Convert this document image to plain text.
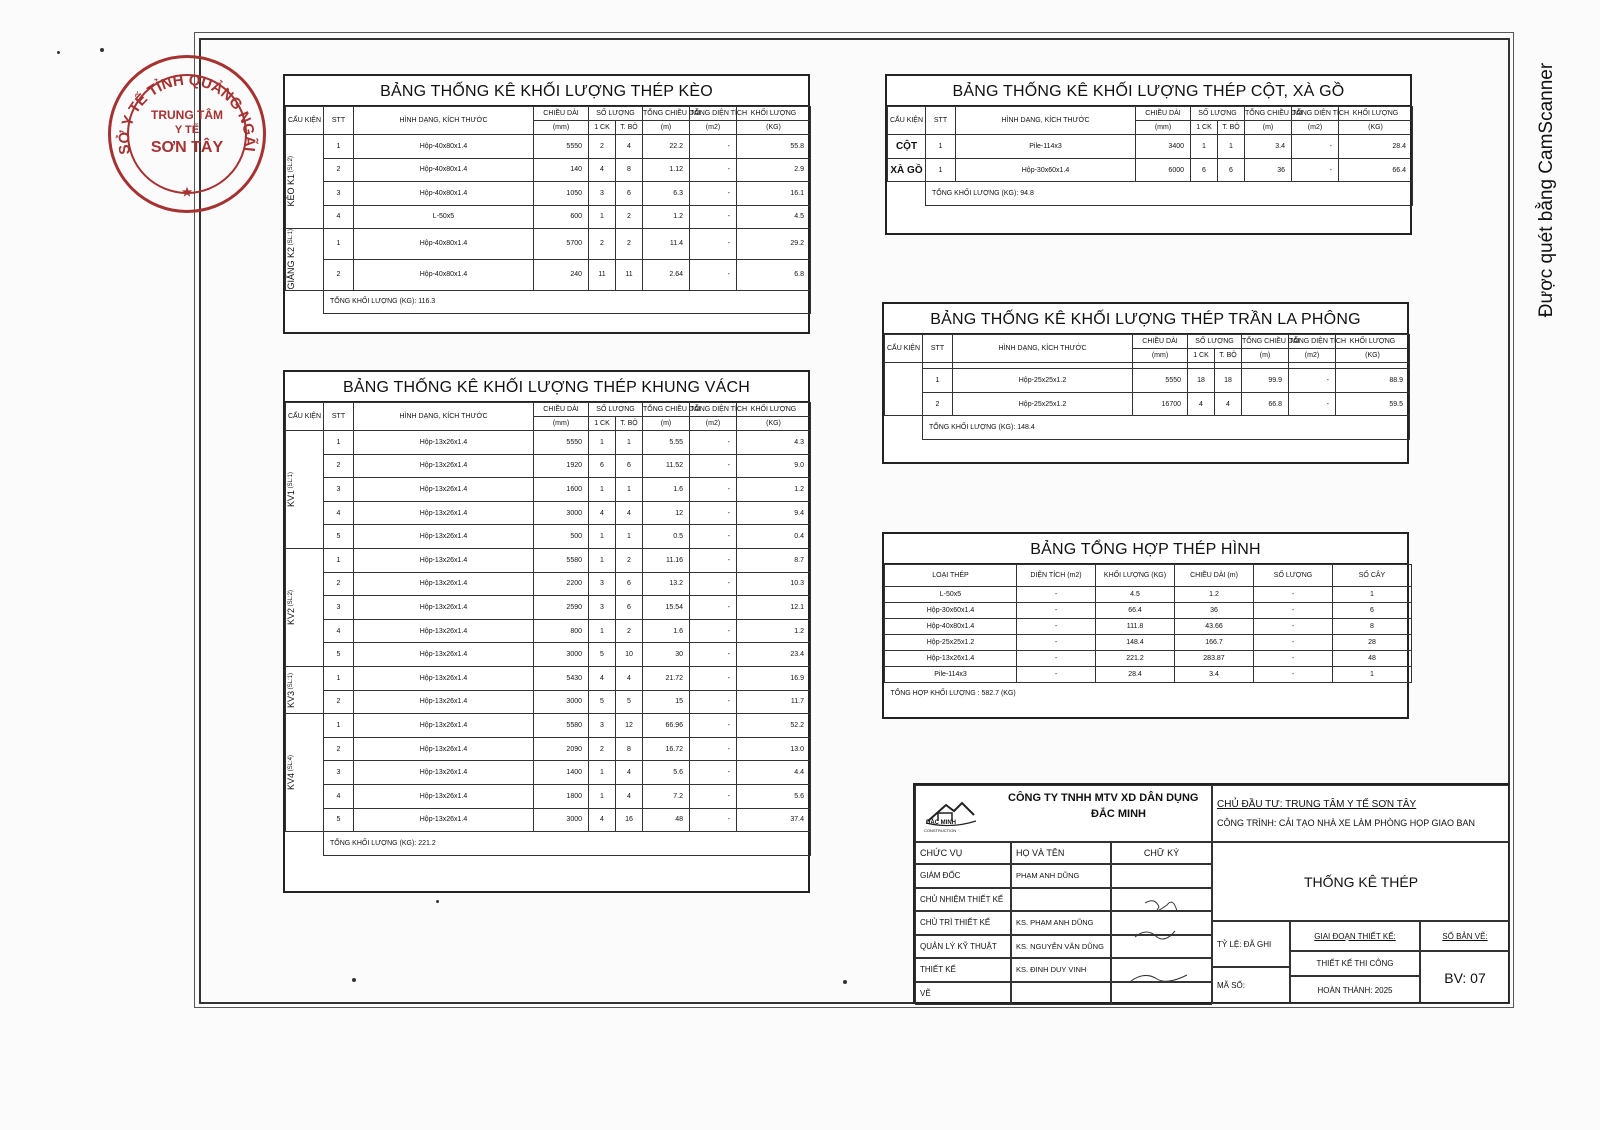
Được quét bằng CamScanner
SỞ Y TẾ TỈNH QUẢNG NGÃI
TRUNG TÂM
Y TẾ
SƠN TÂY
★
BẢNG THỐNG KÊ KHỐI LƯỢNG THÉP KÈO
CẤU KIỆN	STT	HÌNH DẠNG, KÍCH THƯỚC	CHIỀU DÀI	SỐ LƯỢNG		TỔNG CHIỀU DÀI	TỔNG DIỆN TÍCH	KHỐI LƯỢNG
			(mm)	1 CK	T. BỘ	(m)	(m2)	(KG)

KÈO K1 (SL:2)	1	Hộp-40x80x1.4	5550	2	4	22.2	-	55.8
	2	Hộp-40x80x1.4	140	4	8	1.12	-	2.9
	3	Hộp-40x80x1.4	1050	3	6	6.3	-	16.1
	4	L-50x5	600	1	2	1.2	-	4.5

GIẰNG K2 (SL:1)	1	Hộp-40x80x1.4	5700	2	2	11.4	-	29.2
	2	Hộp-40x80x1.4	240	11	11	2.64	-	6.8
	TỔNG KHỐI LƯỢNG (KG): 116.3							
BẢNG THỐNG KÊ KHỐI LƯỢNG THÉP KHUNG VÁCH
CẤU KIỆN	STT	HÌNH DẠNG, KÍCH THƯỚC	CHIỀU DÀI	SỐ LƯỢNG		TỔNG CHIỀU DÀI	TỔNG DIỆN TÍCH	KHỐI LƯỢNG
			(mm)	1 CK	T. BỘ	(m)	(m2)	(KG)

KV1 (SL:1)	1	Hộp-13x26x1.4	5550	1	1	5.55	-	4.3
	2	Hộp-13x26x1.4	1920	6	6	11.52	-	9.0
	3	Hộp-13x26x1.4	1600	1	1	1.6	-	1.2
	4	Hộp-13x26x1.4	3000	4	4	12	-	9.4
	5	Hộp-13x26x1.4	500	1	1	0.5	-	0.4

KV2 (SL:2)	1	Hộp-13x26x1.4	5580	1	2	11.16	-	8.7
	2	Hộp-13x26x1.4	2200	3	6	13.2	-	10.3
	3	Hộp-13x26x1.4	2590	3	6	15.54	-	12.1
	4	Hộp-13x26x1.4	800	1	2	1.6	-	1.2
	5	Hộp-13x26x1.4	3000	5	10	30	-	23.4

KV3 (SL:1)	1	Hộp-13x26x1.4	5430	4	4	21.72	-	16.9
	2	Hộp-13x26x1.4	3000	5	5	15	-	11.7

KV4 (SL:4)	1	Hộp-13x26x1.4	5580	3	12	66.96	-	52.2
	2	Hộp-13x26x1.4	2090	2	8	16.72	-	13.0
	3	Hộp-13x26x1.4	1400	1	4	5.6	-	4.4
	4	Hộp-13x26x1.4	1800	1	4	7.2	-	5.6
	5	Hộp-13x26x1.4	3000	4	16	48	-	37.4
	TỔNG KHỐI LƯỢNG (KG): 221.2							
BẢNG THỐNG KÊ KHỐI LƯỢNG THÉP CỘT, XÀ GỒ
CẤU KIỆN	STT	HÌNH DẠNG, KÍCH THƯỚC	CHIỀU DÀI	SỐ LƯỢNG		TỔNG CHIỀU DÀI	TỔNG DIỆN TÍCH	KHỐI LƯỢNG
			(mm)	1 CK	T. BỘ	(m)	(m2)	(KG)
CỘT	1	Pile-114x3	3400	1	1	3.4	-	28.4
XÀ GỒ	1	Hộp-30x60x1.4	6000	6	6	36	-	66.4
	TỔNG KHỐI LƯỢNG (KG): 94.8							
BẢNG THỐNG KÊ KHỐI LƯỢNG THÉP TRẦN LA PHÔNG
CẤU KIỆN	STT	HÌNH DẠNG, KÍCH THƯỚC	CHIỀU DÀI	SỐ LƯỢNG		TỔNG CHIỀU DÀI	TỔNG DIỆN TÍCH	KHỐI LƯỢNG
			(mm)	1 CK	T. BỘ	(m)	(m2)	(KG)

	1	Hộp-25x25x1.2	5550	18	18	99.9	-	88.9
	2	Hộp-25x25x1.2	16700	4	4	66.8	-	59.5
	TỔNG KHỐI LƯỢNG (KG): 148.4							
BẢNG TỔNG HỢP THÉP HÌNH
LOẠI THÉP	DIỆN TÍCH (m2)	KHỐI LƯỢNG (KG)	CHIỀU DÀI (m)	SỐ LƯỢNG	SỐ CÂY
L-50x5	-	4.5	1.2	-	1
Hộp-30x60x1.4	-	66.4	36	-	6
Hộp-40x80x1.4	-	111.8	43.66	-	8
Hộp-25x25x1.2	-	148.4	166.7	-	28
Hộp-13x26x1.4	-	221.2	283.87	-	48
Pile-114x3	-	28.4	3.4	-	1
TỔNG HỢP KHỐI LƯỢNG : 582.7 (KG)					
ĐẮC MINH
CONSTRUCTION
CÔNG TY TNHH MTV XD DÂN DỤNG
ĐẮC MINH
CHỨC VỤ	HỌ VÀ TÊN	CHỮ KÝ
GIÁM ĐỐC	PHẠM ANH DŨNG
CHỦ NHIỆM THIẾT KẾ
CHỦ TRÌ THIẾT KẾ	KS. PHẠM ANH DŨNG
QUẢN LÝ KỸ THUẬT	KS. NGUYỄN VĂN DŨNG
THIẾT KẾ	KS. ĐINH DUY VINH
VẼ
CHỦ ĐẦU TƯ: TRUNG TÂM Y TẾ SƠN TÂY
CÔNG TRÌNH: CẢI TẠO NHÀ XE LÀM PHÒNG HỌP GIAO BAN
THỐNG KÊ THÉP
TỶ LỆ: ĐÃ GHI
MÃ SỐ:
GIAI ĐOẠN THIẾT KẾ:
THIẾT KẾ THI CÔNG
HOÀN THÀNH: 2025
SỐ BẢN VẼ:
BV: 07
